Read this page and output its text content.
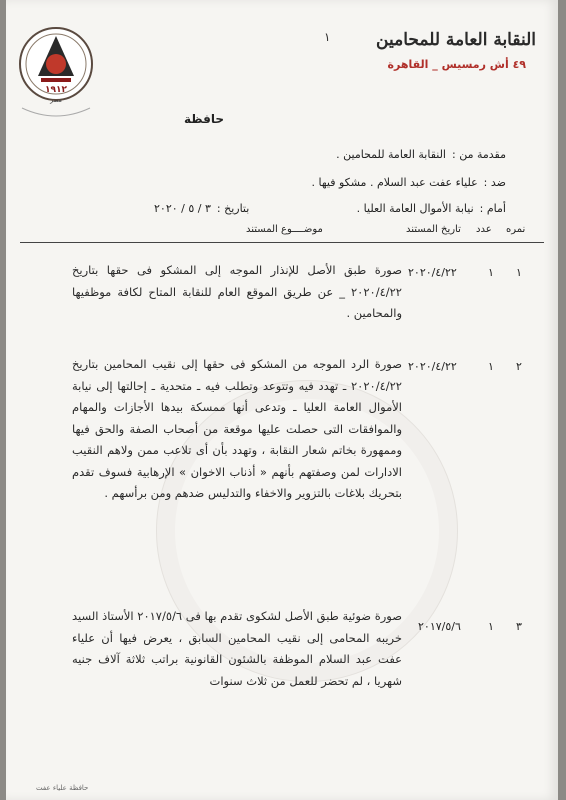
١٩١٢
مصر
النقابة العامة للمحامين
٤٩ أش رمسيس _ القاهرة
١
حافظة
مقدمة من :النقابة العامة للمحامين .
ضد :علياء عفت عبد السلام . مشكو فيها .
أمام :نيابة الأموال العامة العليا .
بتاريخ :٣ / ٥ / ٢٠٢٠
نمره
عدد
تاريخ المستند
موضــــوع المستند
١
١
٢٠٢٠/٤/٢٢
صورة طبق الأصل للإنذار الموجه إلى المشكو فى حقها بتاريخ ٢٠٢٠/٤/٢٢ _ عن طريق الموقع العام للنقابة المتاح لكافة موظفيها والمحامين .
٢
١
٢٠٢٠/٤/٢٢
صورة الرد الموجه من المشكو فى حقها إلى نقيب المحامين بتاريخ ٢٠٢٠/٤/٢٢ ـ تهدد فيه وتتوعد وتطلب فيه ـ متحدية ـ إحالتها إلى نيابة الأموال العامة العليا ـ وتدعى أنها ممسكة بيدها الأجازات والمهام والموافقات التى حصلت عليها موقعة من أصحاب الصفة والحق فيها وممهورة بخاتم شعار النقابة ، وتهدد بأن أى تلاعب ممن ولاهم النقيب الادارات لمن وصفتهم بأنهم « أذناب الاخوان » الإرهابية فسوف تقدم بتحريك بلاغات بالتزوير والاخفاء والتدليس ضدهم ومن برأسهم .
٣
١
٢٠١٧/٥/٦
صورة ضوئية طبق الأصل لشكوى تقدم بها فى ٢٠١٧/٥/٦ الأستاذ السيد خريبه المحامى إلى نقيب المحامين السابق ، يعرض فيها أن علياء عفت عبد السلام الموظفة بالشئون القانونية براتب ثلاثة آلاف جنيه شهريا ، لم تحضر للعمل من ثلاث سنوات
حافظة علياء عفت
